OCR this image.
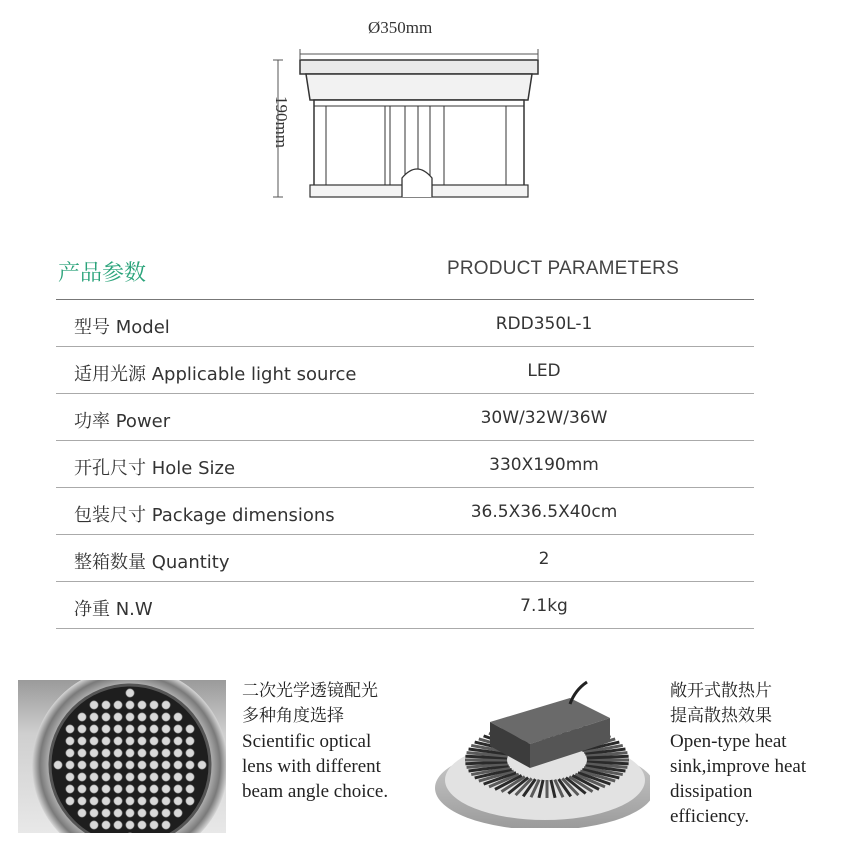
Ø350mm
190mm
产品参数	PRODUCT PARAMETERS
型号 Model	RDD350L-1
适用光源 Applicable light source	LED
功率 Power	30W/32W/36W
开孔尺寸 Hole Size	330X190mm
包装尺寸 Package dimensions	36.5X36.5X40cm
整箱数量 Quantity	2
净重 N.W	7.1kg
二次光学透镜配光
多种角度选择
Scientific optical
lens with different
beam angle choice.
敞开式散热片
提高散热效果
Open-type heat
sink,improve heat
dissipation
efficiency.
